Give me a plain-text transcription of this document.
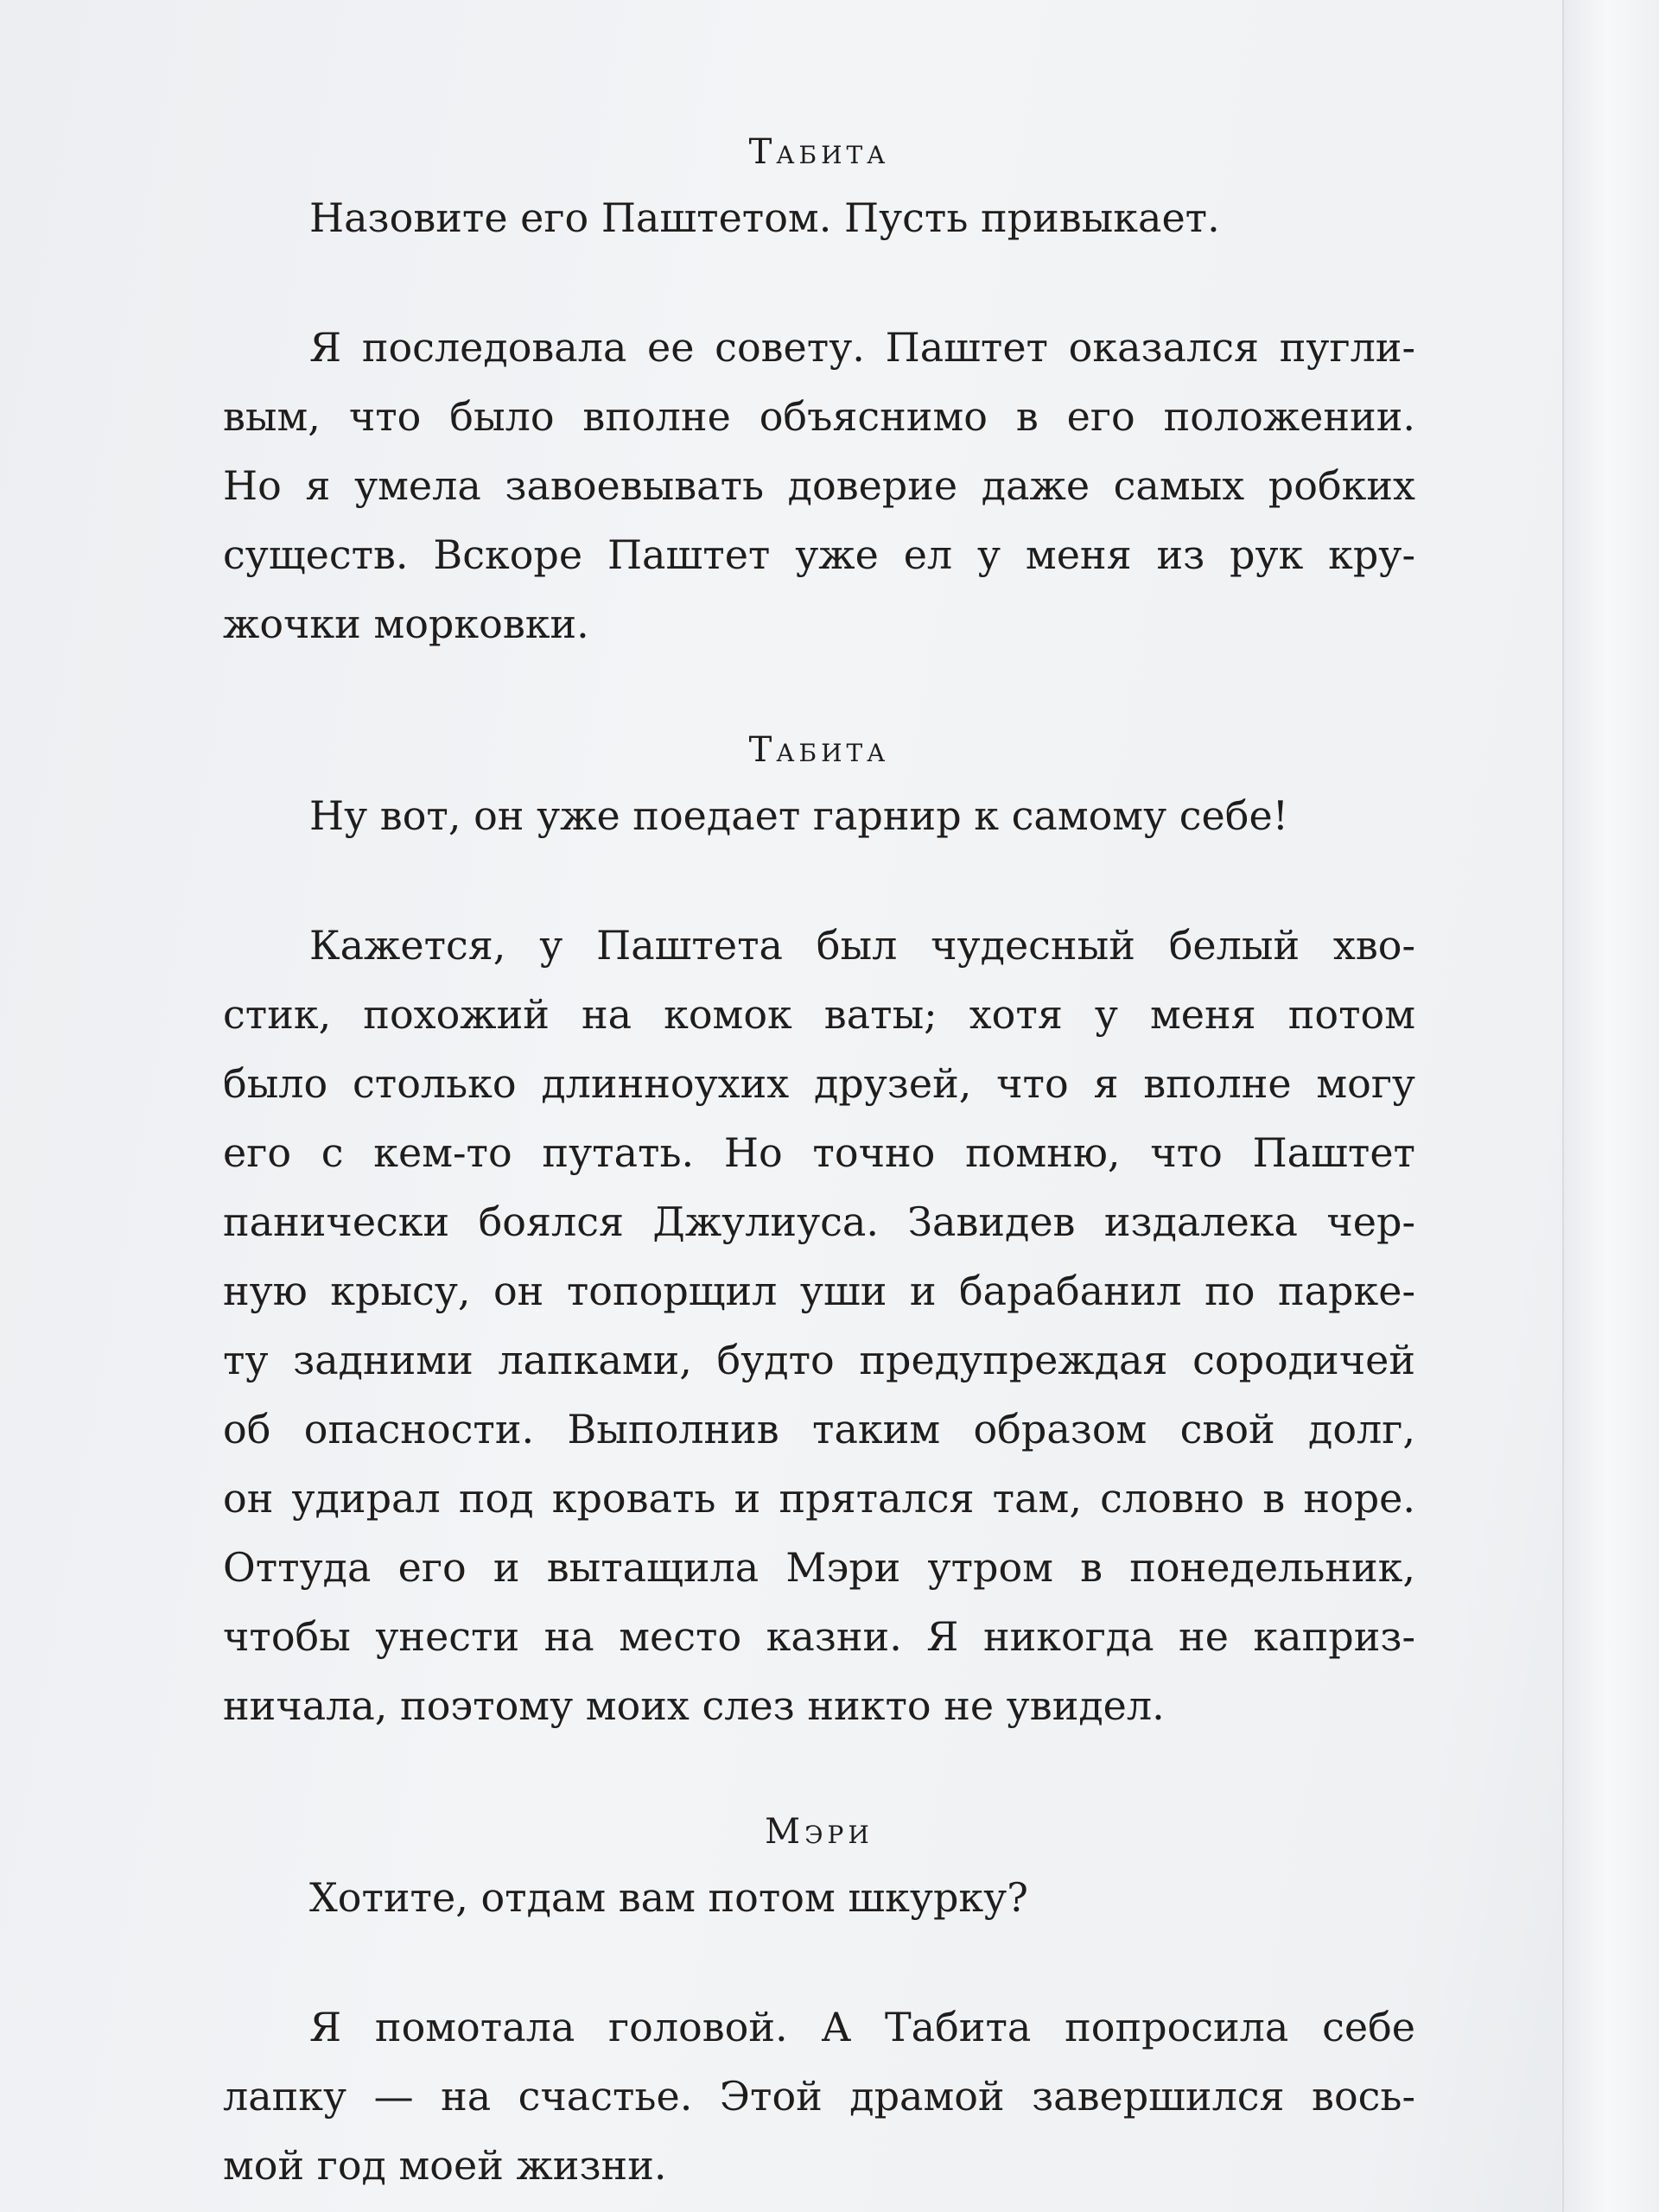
Табита

Назовите его Паштетом. Пусть привыкает.

Я последовала ее совету. Паштет оказался пугли-
вым, что было вполне объяснимо в его положении.
Но я умела завоевывать доверие даже самых робких
существ. Вскоре Паштет уже ел у меня из рук кру-
жочки морковки.

Табита

Ну вот, он уже поедает гарнир к самому себе!

Кажется, у Паштета был чудесный белый хво-
стик, похожий на комок ваты; хотя у меня потом
было столько длинноухих друзей, что я вполне могу
его с кем-то путать. Но точно помню, что Паштет
панически боялся Джулиуса. Завидев издалека чер-
ную крысу, он топорщил уши и барабанил по парке-
ту задними лапками, будто предупреждая сородичей
об опасности. Выполнив таким образом свой долг,
он удирал под кровать и прятался там, словно в норе.
Оттуда его и вытащила Мэри утром в понедельник,
чтобы унести на место казни. Я никогда не каприз-
ничала, поэтому моих слез никто не увидел.

Мэри

Хотите, отдам вам потом шкурку?

Я помотала головой. А Табита попросила себе
лапку — на счастье. Этой драмой завершился вось-
мой год моей жизни.
